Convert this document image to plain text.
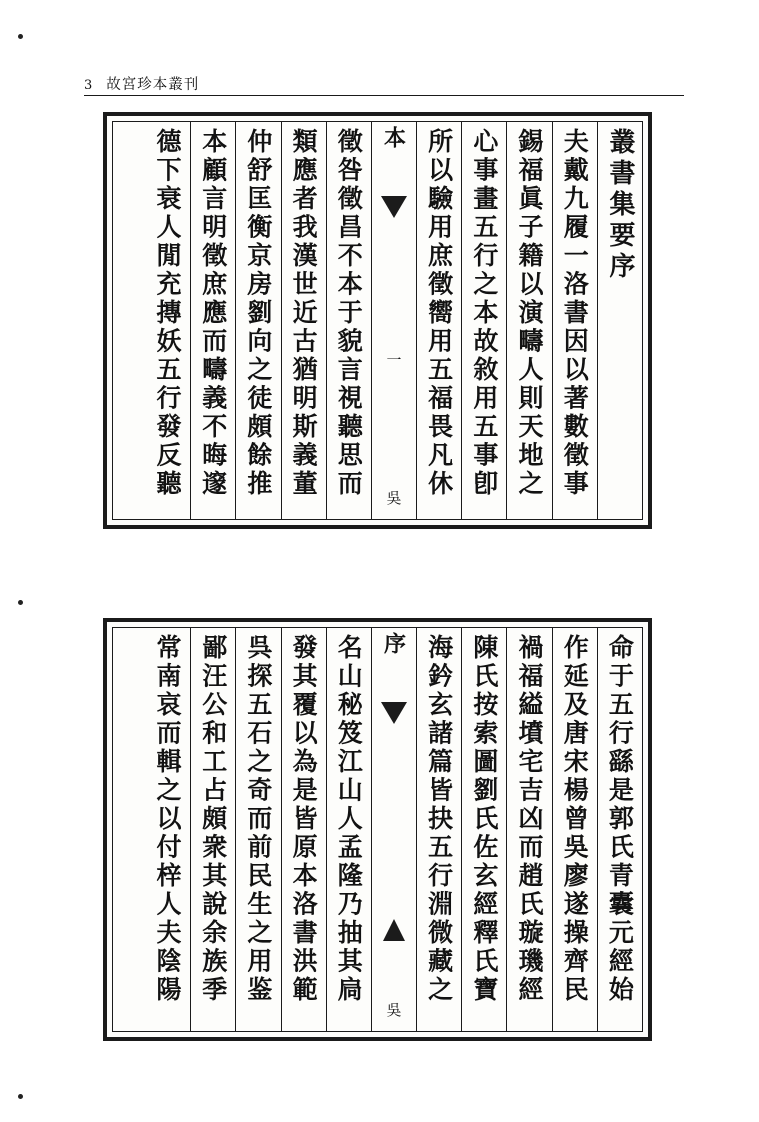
3 故宮珍本叢刊
叢書集要序
夫戴九履一洛書因以著數徵事
錫福眞子籍以演疇人則天地之
心事畫五行之本故敘用五事卽
所以驗用庶徵嚮用五福畏凡休
本
一
吳
徵咎徵昌不本于貌言視聽思而
類應者我漢世近古猶明斯義董
仲舒匡衡京房劉向之徒頗餘推
本顧言明徵庶應而疇義不晦邃
德下衰人閒充摶妖五行發反聽
命于五行繇是郭氏青囊元經始
作延及唐宋楊曾吳廖遂操齊民
禍福縊墳宅吉凶而趙氏璇璣經
陳氏按索圖劉氏佐玄經釋氏寶
海鈐玄諸篇皆抉五行淵微藏之
序
吳
名山秘笈江山人孟隆乃抽其扃
發其覆以為是皆原本洛書洪範
呉探五石之奇而前民生之用鉴
鄙汪公和工占頗衆其說余族季
常南哀而輯之以付梓人夫陰陽
